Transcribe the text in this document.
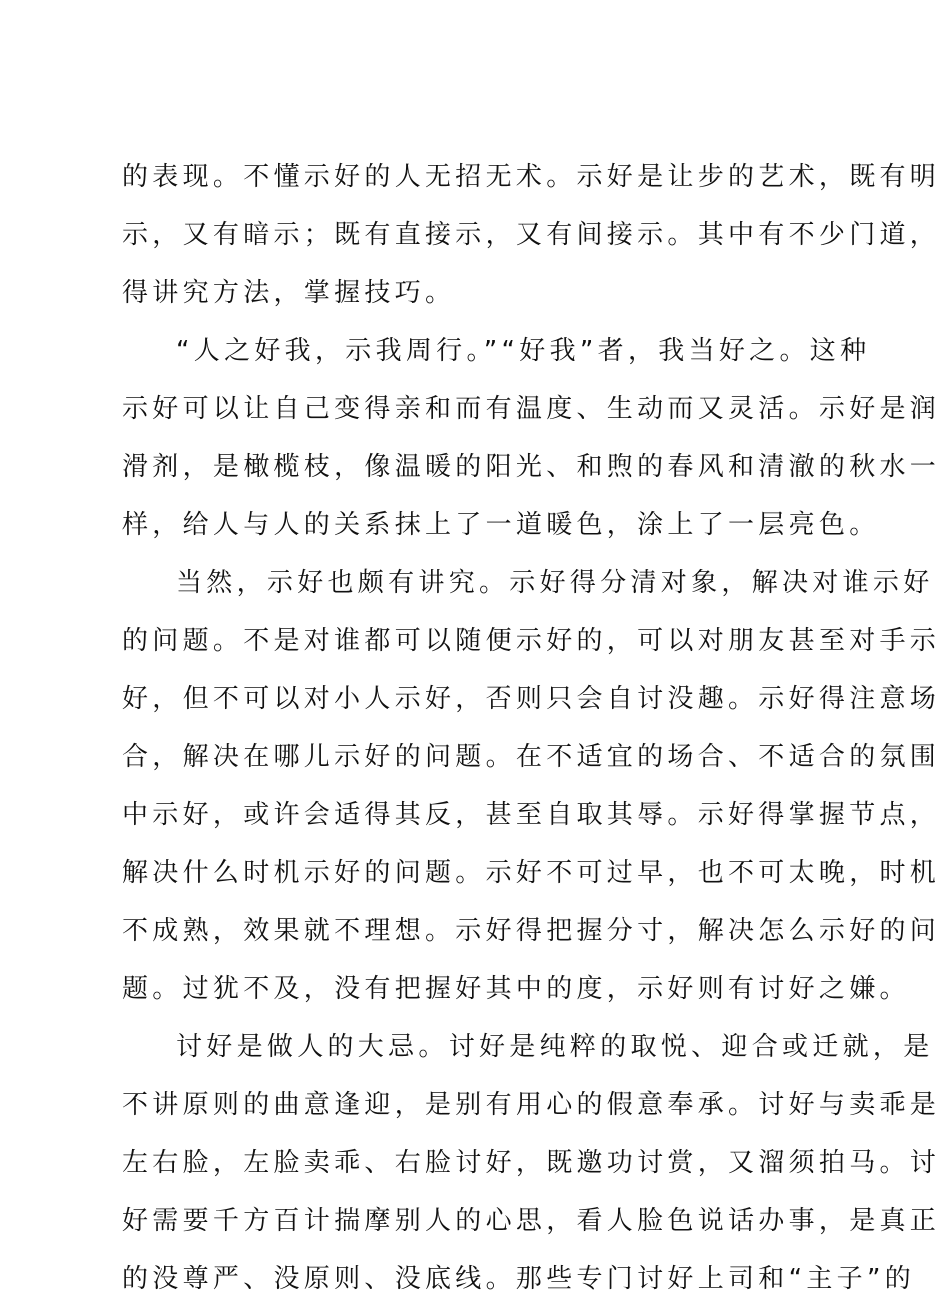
的表现。不懂示好的人无招无术。示好是让步的艺术，既有明
示，又有暗示；既有直接示，又有间接示。其中有不少门道，
得讲究方法，掌握技巧。
“人之好我，示我周行。”“好我”者，我当好之。这种
示好可以让自己变得亲和而有温度、生动而又灵活。示好是润
滑剂，是橄榄枝，像温暖的阳光、和煦的春风和清澈的秋水一
样，给人与人的关系抹上了一道暖色，涂上了一层亮色。
当然，示好也颇有讲究。示好得分清对象，解决对谁示好
的问题。不是对谁都可以随便示好的，可以对朋友甚至对手示
好，但不可以对小人示好，否则只会自讨没趣。示好得注意场
合，解决在哪儿示好的问题。在不适宜的场合、不适合的氛围
中示好，或许会适得其反，甚至自取其辱。示好得掌握节点，
解决什么时机示好的问题。示好不可过早，也不可太晚，时机
不成熟，效果就不理想。示好得把握分寸，解决怎么示好的问
题。过犹不及，没有把握好其中的度，示好则有讨好之嫌。
讨好是做人的大忌。讨好是纯粹的取悦、迎合或迁就，是
不讲原则的曲意逢迎，是别有用心的假意奉承。讨好与卖乖是
左右脸，左脸卖乖、右脸讨好，既邀功讨赏，又溜须拍马。讨
好需要千方百计揣摩别人的心思，看人脸色说话办事，是真正
的没尊严、没原则、没底线。那些专门讨好上司和“主子”的
